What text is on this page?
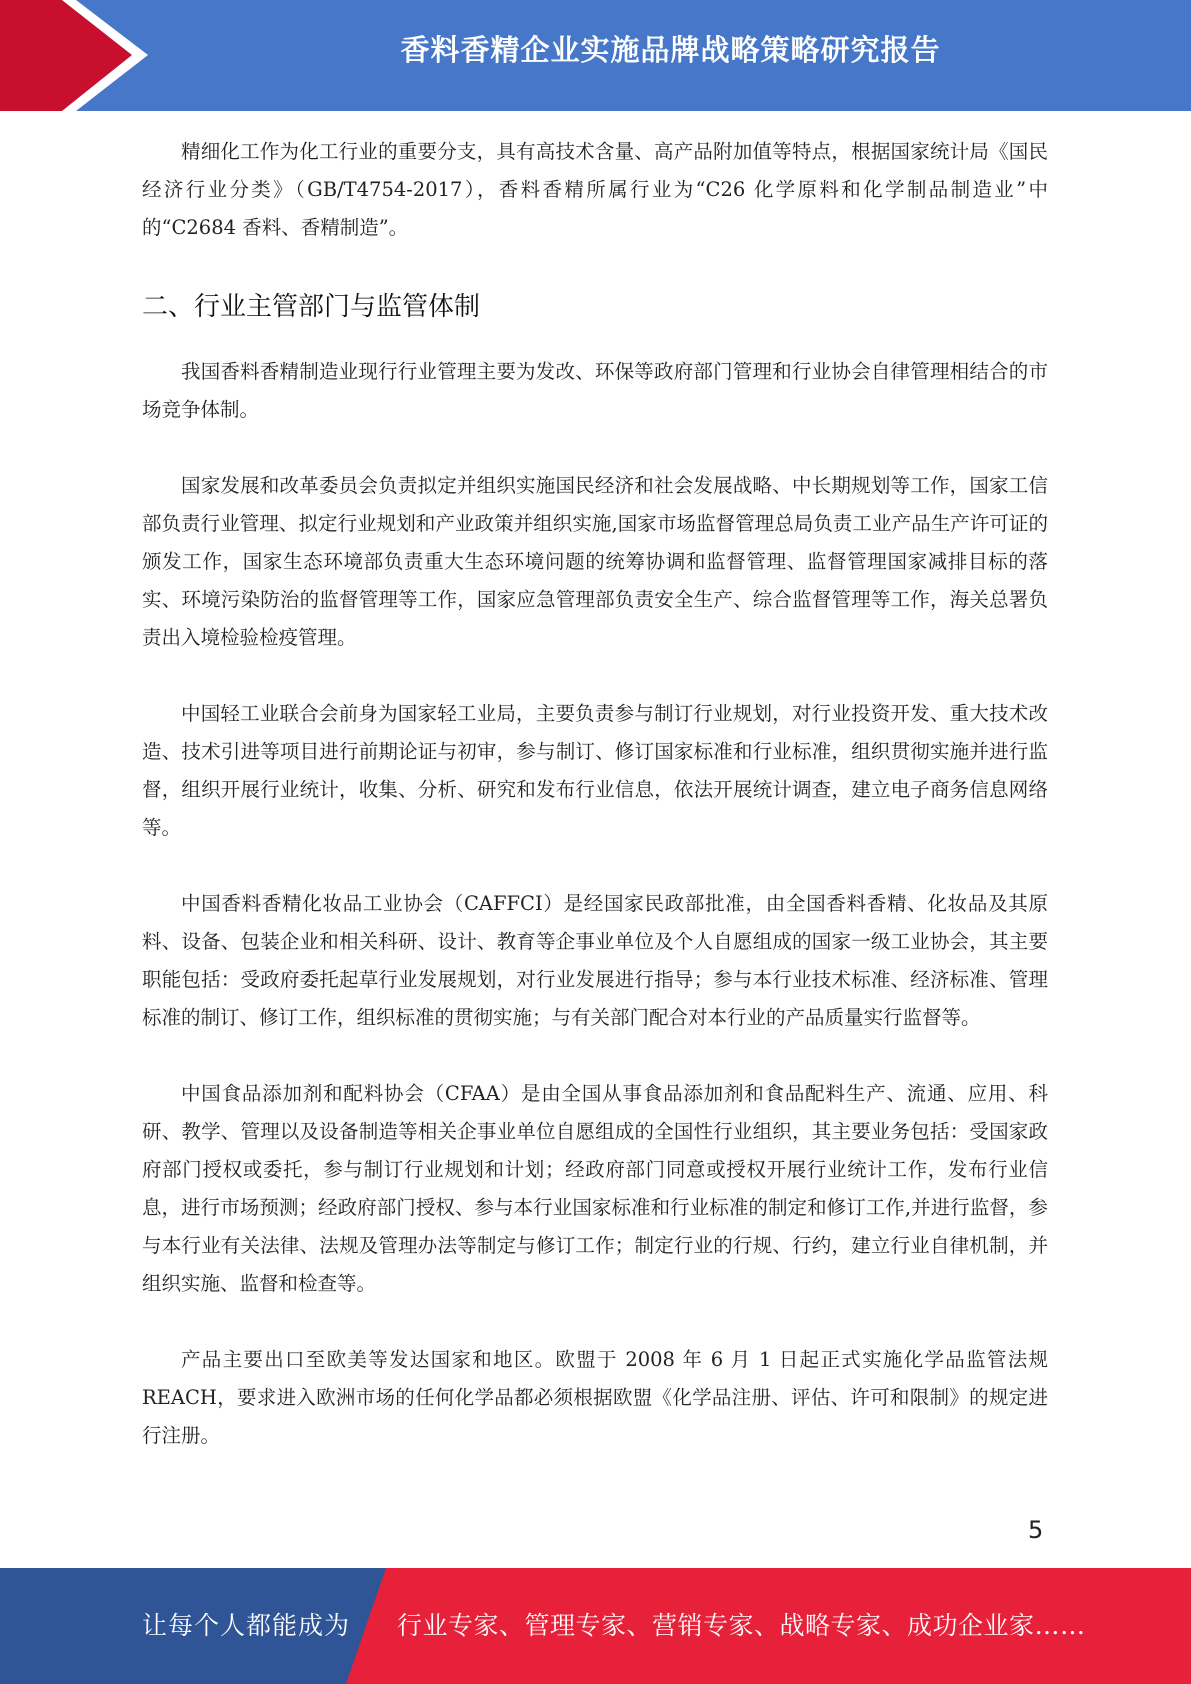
香料香精企业实施品牌战略策略研究报告

精细化工作为化工行业的重要分支，具有高技术含量、高产品附加值等特点，根据国家统计局《国民经济行业分类》（GB/T4754-2017），香料香精所属行业为“C26 化学原料和化学制品制造业”中的“C2684 香料、香精制造”。

二、行业主管部门与监管体制

我国香料香精制造业现行行业管理主要为发改、环保等政府部门管理和行业协会自律管理相结合的市场竞争体制。

国家发展和改革委员会负责拟定并组织实施国民经济和社会发展战略、中长期规划等工作，国家工信部负责行业管理、拟定行业规划和产业政策并组织实施,国家市场监督管理总局负责工业产品生产许可证的颁发工作，国家生态环境部负责重大生态环境问题的统筹协调和监督管理、监督管理国家减排目标的落实、环境污染防治的监督管理等工作，国家应急管理部负责安全生产、综合监督管理等工作，海关总署负责出入境检验检疫管理。

中国轻工业联合会前身为国家轻工业局，主要负责参与制订行业规划，对行业投资开发、重大技术改造、技术引进等项目进行前期论证与初审，参与制订、修订国家标准和行业标准，组织贯彻实施并进行监督，组织开展行业统计，收集、分析、研究和发布行业信息，依法开展统计调查，建立电子商务信息网络等。

中国香料香精化妆品工业协会（CAFFCI）是经国家民政部批准，由全国香料香精、化妆品及其原料、设备、包装企业和相关科研、设计、教育等企事业单位及个人自愿组成的国家一级工业协会，其主要职能包括：受政府委托起草行业发展规划，对行业发展进行指导；参与本行业技术标准、经济标准、管理标准的制订、修订工作，组织标准的贯彻实施；与有关部门配合对本行业的产品质量实行监督等。

中国食品添加剂和配料协会（CFAA）是由全国从事食品添加剂和食品配料生产、流通、应用、科研、教学、管理以及设备制造等相关企事业单位自愿组成的全国性行业组织，其主要业务包括：受国家政府部门授权或委托，参与制订行业规划和计划；经政府部门同意或授权开展行业统计工作，发布行业信息，进行市场预测；经政府部门授权、参与本行业国家标准和行业标准的制定和修订工作,并进行监督，参与本行业有关法律、法规及管理办法等制定与修订工作；制定行业的行规、行约，建立行业自律机制，并组织实施、监督和检查等。

产品主要出口至欧美等发达国家和地区。欧盟于 2008 年 6 月 1 日起正式实施化学品监管法规REACH，要求进入欧洲市场的任何化学品都必须根据欧盟《化学品注册、评估、许可和限制》的规定进行注册。

5
让每个人都能成为 行业专家、管理专家、营销专家、战略专家、成功企业家……
